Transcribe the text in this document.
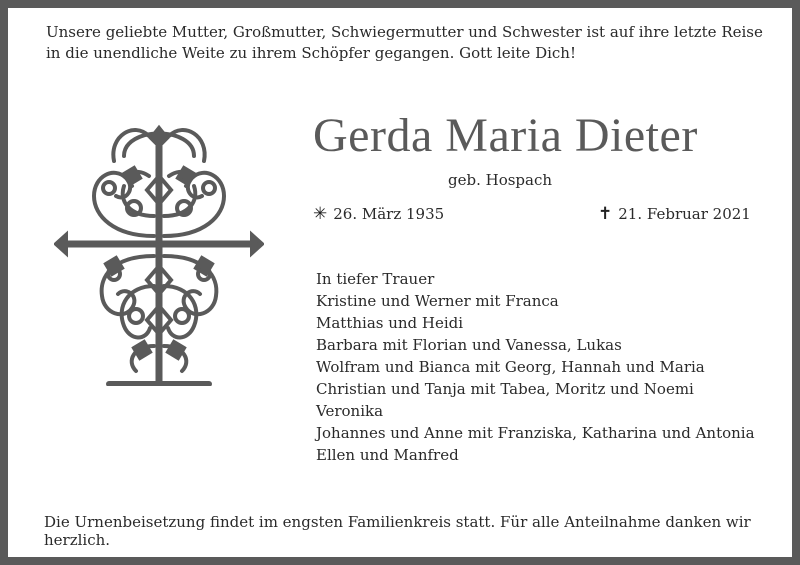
Unsere geliebte Mutter, Großmutter, Schwiegermutter und Schwester ist auf ihre letzte Reise in die unendliche Weite zu ihrem Schöpfer gegangen. Gott leite Dich!

Gerda Maria Dieter
geb. Hospach
✳ 26. März 1935	✝ 21. Februar 2021
In tiefer Trauer
Kristine und Werner mit Franca
Matthias und Heidi
Barbara mit Florian und Vanessa, Lukas
Wolfram und Bianca mit Georg, Hannah und Maria
Christian und Tanja mit Tabea, Moritz und Noemi
Veronika
Johannes und Anne mit Franziska, Katharina und Antonia
Ellen und Manfred
Die Urnenbeisetzung findet im engsten Familienkreis statt. Für alle Anteilnahme danken wir herzlich.
